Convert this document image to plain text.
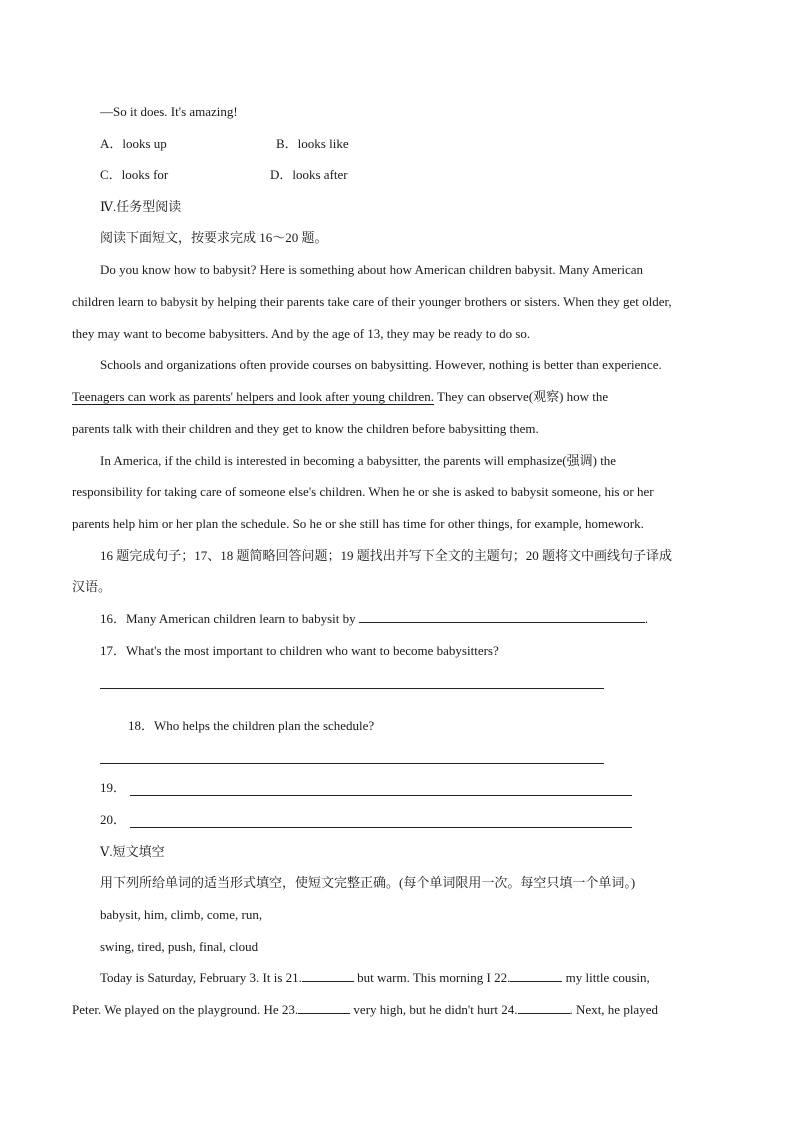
—So it does. It's amazing!
A．looks up	B．looks like
C．looks for	D．looks after
Ⅳ.任务型阅读
阅读下面短文，按要求完成 16～20 题。
Do you know how to babysit? Here is something about how American children babysit. Many American
children learn to babysit by helping their parents take care of their younger brothers or sisters. When they get older,
they may want to become babysitters. And by the age of 13, they may be ready to do so.
Schools and organizations often provide courses on babysitting. However, nothing is better than experience.
Teenagers can work as parents' helpers and look after young children. They can observe(观察) how the
parents talk with their children and they get to know the children before babysitting them.
In America, if the child is interested in becoming a babysitter, the parents will emphasize(强调) the
responsibility for taking care of someone else's children. When he or she is asked to babysit someone, his or her
parents help him or her plan the schedule. So he or she still has time for other things, for example, homework.
16 题完成句子；17、18 题简略回答问题；19 题找出并写下全文的主题句；20 题将文中画线句子译成
汉语。
16．Many American children learn to babysit by	.
17．What's the most important to children who want to become babysitters?
18．Who helps the children plan the schedule?
19．
20．
Ⅴ.短文填空
用下列所给单词的适当形式填空，使短文完整正确。(每个单词限用一次。每空只填一个单词。)
babysit, him, climb, come, run,
swing, tired, push, final, cloud
Today is Saturday, February 3. It is 21.	but warm. This morning I 22.	my little cousin,
Peter. We played on the playground. He 23.	very high, but he didn't hurt 24.	. Next, he played
